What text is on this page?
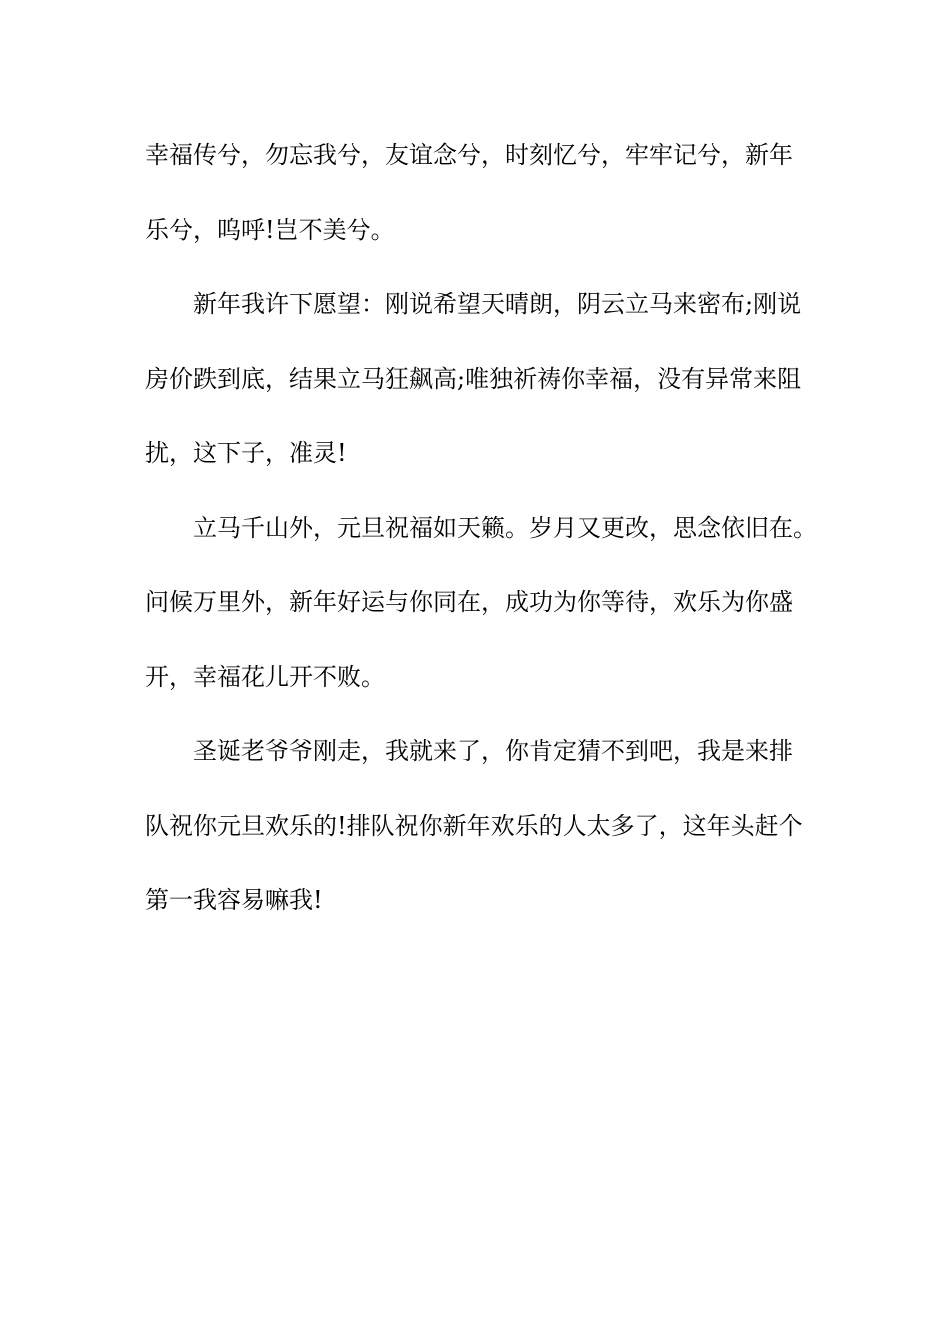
幸福传兮，勿忘我兮，友谊念兮，时刻忆兮，牢牢记兮，新年
乐兮，呜呼!岂不美兮。
新年我许下愿望：刚说希望天晴朗，阴云立马来密布;刚说
房价跌到底，结果立马狂飙高;唯独祈祷你幸福，没有异常来阻
扰，这下子，准灵!
立马千山外，元旦祝福如天籁。岁月又更改，思念依旧在。
问候万里外，新年好运与你同在，成功为你等待，欢乐为你盛
开，幸福花儿开不败。
圣诞老爷爷刚走，我就来了，你肯定猜不到吧，我是来排
队祝你元旦欢乐的!排队祝你新年欢乐的人太多了，这年头赶个
第一我容易嘛我!
